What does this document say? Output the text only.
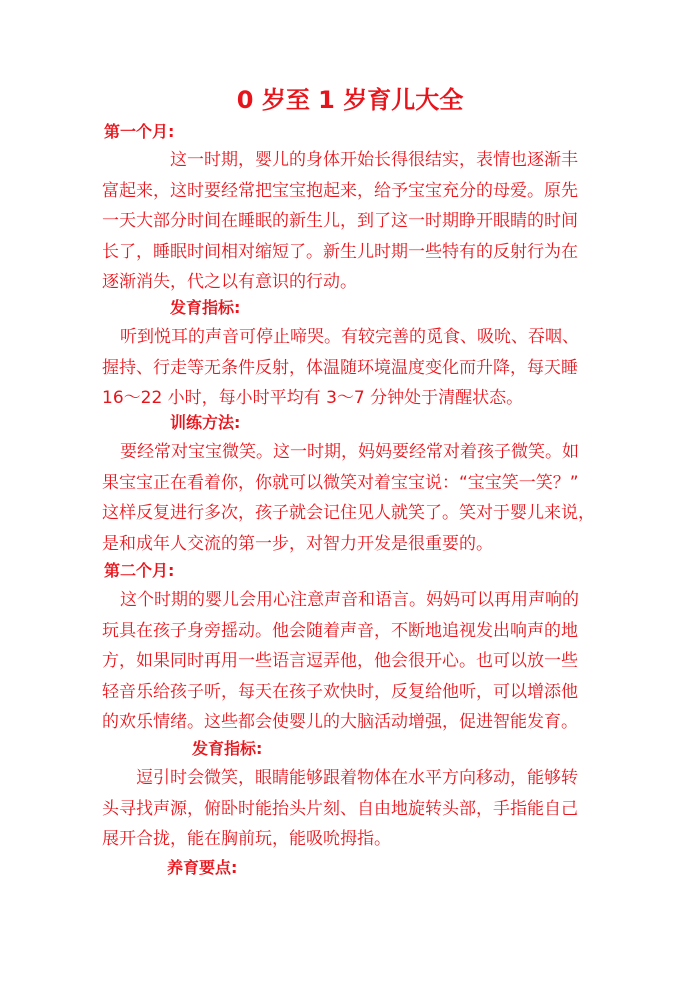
0 岁至 1 岁育儿大全
第一个月:
这一时期，婴儿的身体开始长得很结实，表情也逐渐丰
富起来，这时要经常把宝宝抱起来，给予宝宝充分的母爱。原先
一天大部分时间在睡眠的新生儿，到了这一时期睁开眼睛的时间
长了，睡眠时间相对缩短了。新生儿时期一些特有的反射行为在
逐渐消失，代之以有意识的行动。
发育指标:
听到悦耳的声音可停止啼哭。有较完善的觅食、吸吮、吞咽、
握持、行走等无条件反射，体温随环境温度变化而升降，每天睡
16～22 小时，每小时平均有 3～7 分钟处于清醒状态。
训练方法:
要经常对宝宝微笑。这一时期，妈妈要经常对着孩子微笑。如
果宝宝正在看着你，你就可以微笑对着宝宝说：“宝宝笑一笑？”
这样反复进行多次，孩子就会记住见人就笑了。笑对于婴儿来说，
是和成年人交流的第一步，对智力开发是很重要的。
第二个月:
这个时期的婴儿会用心注意声音和语言。妈妈可以再用声响的
玩具在孩子身旁摇动。他会随着声音，不断地追视发出响声的地
方，如果同时再用一些语言逗弄他，他会很开心。也可以放一些
轻音乐给孩子听，每天在孩子欢快时，反复给他听，可以增添他
的欢乐情绪。这些都会使婴儿的大脑活动增强，促进智能发育。
发育指标:
逗引时会微笑，眼睛能够跟着物体在水平方向移动，能够转
头寻找声源，俯卧时能抬头片刻、自由地旋转头部，手指能自己
展开合拢，能在胸前玩，能吸吮拇指。
养育要点:
